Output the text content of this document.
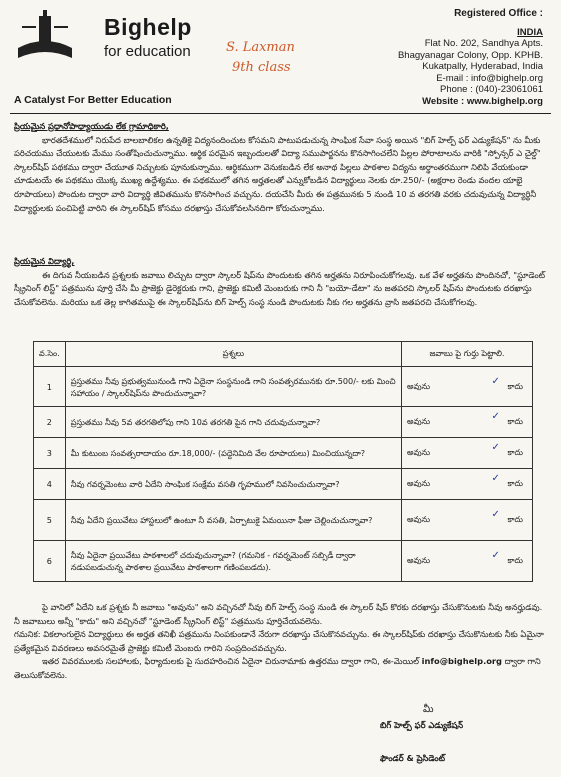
Bighelp
for education
A Catalyst For Better Education
S. Laxman
9th class
Registered Office :
INDIA
Flat No. 202, Sandhya Apts.
Bhagyanagar Colony, Opp. KPHB.
Kukatpally, Hyderabad, India
E-mail : info@bighelp.org
Phone : (040)-23061061
Website : www.bighelp.org
ప్రియమైన ప్రధానోపాధ్యాయుడు లేక గ్రామాధికారి,
భారతదేశములో నిరుపేద బాలబాలికల ఉన్నతికై విద్యనందించుట కోసమని పాటుపడుచున్న సాంఘిక సేవా సంస్థ అయిన "బిగ్ హెల్ప్ ఫర్ ఎడ్యుకేషన్" ను మీకు పరిచయము చేయుటకు మేము సంతోషించుచున్నాము. ఆర్థిక పరమైన ఇబ్బందులతో విద్యా సముపార్జనను కొనసాగించలేని పిల్లల పోరాటాలను వారికి "స్పోన్సర్ ఎ చైల్డ్" స్కాలర్‌షిప్ పథకము ద్వారా చేయూత నిచ్చుటకు పూనుకున్నాము. ఆర్థికముగా వెనుకబడిన లేక అనాథ పిల్లలు పాఠశాల విద్యను అర్థాంతరముగా నిలిపి వేయకుండా చూడుటయే ఈ పథకము యొక్క ముఖ్య ఉద్దేశ్యము. ఈ పథకములో తగిన అర్హతలతో ఎన్నుకోబడిన విద్యార్థులు నెలకు రూ.250/- (అక్షరాల రెండు వందల యాభై రూపాయలు) పొందుట ద్వారా వారి విద్యార్థి జీవితమును కొనసాగించ వచ్చును. దయచేసి మీరు ఈ పత్రమునకు 5 నుండి 10 వ తరగతి వరకు చదువుచున్న విద్యార్థినీ విద్యార్థులకు పంచిపెట్టి వారిని ఈ స్కాలర్‌షిప్ కోసము దరఖాస్తు చేసుకోవలసినదిగా కోరుచున్నాము.
ప్రియమైన విద్యార్థి,
ఈ దిగువ నీయబడిన ప్రశ్నలకు జవాబు లిచ్చుట ద్వారా స్కాలర్ షిప్‌ను పొందుటకు తగిన అర్హతను నిరూపించుకోగలవు. ఒక వేళ అర్హతను పొందినచో, "స్టూడెంట్ స్క్రీనింగ్ లిస్ట్" పత్రమును పూర్తి చేసి మీ ప్రాజెక్టు డైరెక్టరుకు గాని, ప్రాజెక్టు కమిటీ మెంబరుకు గాని నీ "బయో-డేటా" ను జతపరచి స్కాలర్ షిప్‌ను పొందుటకు దరఖాస్తు చేసుకోవలెను. మరియు ఒక తెల్ల కాగితముపై ఈ స్కాలర్‌షిప్‌ను బిగ్ హెల్ప్ సంస్థ నుండి పొందుటకు నీకు గల అర్హతను వ్రాసి జతపరచి చేసుకోగలవు.
వ.సెం.	ప్రశ్నలు	జవాబు పై గుర్తు పెట్టాలి.
1	ప్రస్తుతము నీవు ప్రభుత్వమునుండి గాని ఏదైనా సంస్థనుండి గాని సంవత్సరమునకు రూ.500/- లకు మించి సహాయం / స్కాలర్‌షిప్‌ను పొందుచున్నావా?	అవును ✓ కాదు

2	ప్రస్తుతము నీవు 5వ తరగతిలోపు గాని 10వ తరగతి పైన గాని చదువుచున్నావా?	అవును ✓ కాదు

3	మీ కుటుంబ సంవత్సరాదాయం రూ.18,000/- (పద్దెనిమిది వేల రూపాయలు) మించియున్నదా?	అవును ✓ కాదు

4	నీవు గవర్నమెంటు వారి ఏదేని సాంఘిక సంక్షేమ వసతి గృహములో నివసించుచున్నావా?	అవును ✓ కాదు

5	నీవు ఏదేని ప్రయివేటు హాస్టలులో ఉంటూ నీ వసతి, ఏర్పాటుకై ఏమయినా ఫీజు చెల్లించుచున్నావా?	అవును ✓ కాదు

6	నీవు ఏదైనా ప్రయివేటు పాఠశాలలో చదువుచున్నావా? (గమనిక - గవర్నమెంట్ సబ్సిడీ ద్వారా నడుపబడుచున్న పాఠశాల ప్రయివేటు పాఠశాలగా గణింపబడదు).	అవును ✓ కాదు
పై వానిలో ఏదేని ఒక ప్రశ్నకు నీ జవాబు "అవును" అని వచ్చినచో నీవు బిగ్ హెల్ప్ సంస్థ నుండి ఈ స్కాలర్ షిప్ కొరకు దరఖాస్తు చేసుకొనుటకు నీవు అనర్హుడవు. నీ జవాబులు అన్నీ "కాదు" అని వచ్చినచో "స్టూడెంట్ స్క్రీనింగ్ లిస్ట్" పత్రమును పూర్తిచేయవలెను.
గమనిక: వికలాంగులైన విద్యార్థులు ఈ అర్హత తనిఖీ పత్రమును నింపకుండానే నేరుగా దరఖాస్తు చేసుకొనవచ్చును. ఈ స్కాలర్‌షిప్‌కు దరఖాస్తు చేసుకొనుటకు నీకు ఏమైనా ప్రత్యేకమైన వివరణలు అవసరమైతే ప్రాజెక్టు కమిటీ మెంబరు గారిని సంప్రదించవచ్చును.
ఇతర వివరములకు సలహాలకు, ఫిర్యాదులకు పై సుదహరించిన ఏదైనా చిరునామాకు ఉత్తరము ద్వారా గాని, ఈ-మెయిల్ info@bighelp.org ద్వారా గాని తెలుసుకోవలెను.
మీ
బిగ్ హెల్ప్ ఫర్ ఎడ్యుకేషన్
ఫౌండర్ & ప్రెసిడెంట్
